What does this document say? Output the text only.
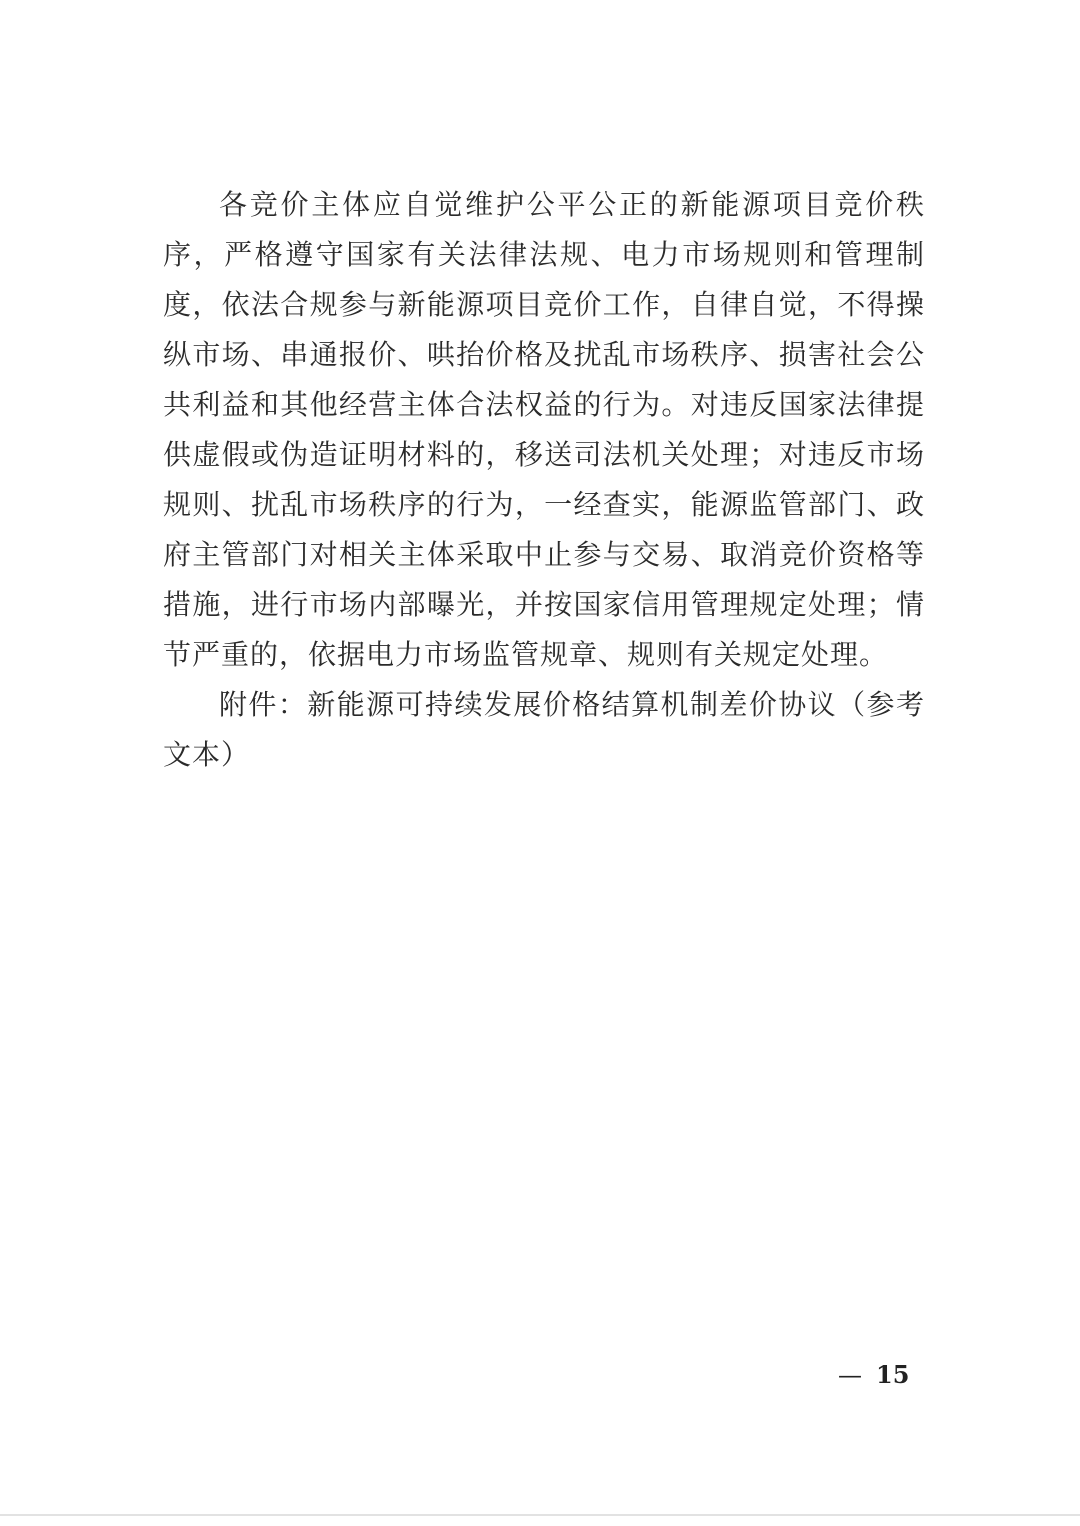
各竞价主体应自觉维护公平公正的新能源项目竞价秩序，严格遵守国家有关法律法规、电力市场规则和管理制度，依法合规参与新能源项目竞价工作，自律自觉，不得操纵市场、串通报价、哄抬价格及扰乱市场秩序、损害社会公共利益和其他经营主体合法权益的行为。对违反国家法律提供虚假或伪造证明材料的，移送司法机关处理；对违反市场规则、扰乱市场秩序的行为，一经查实，能源监管部门、政府主管部门对相关主体采取中止参与交易、取消竞价资格等措施，进行市场内部曝光，并按国家信用管理规定处理；情节严重的，依据电力市场监管规章、规则有关规定处理。

附件：新能源可持续发展价格结算机制差价协议（参考文本）

— 15
